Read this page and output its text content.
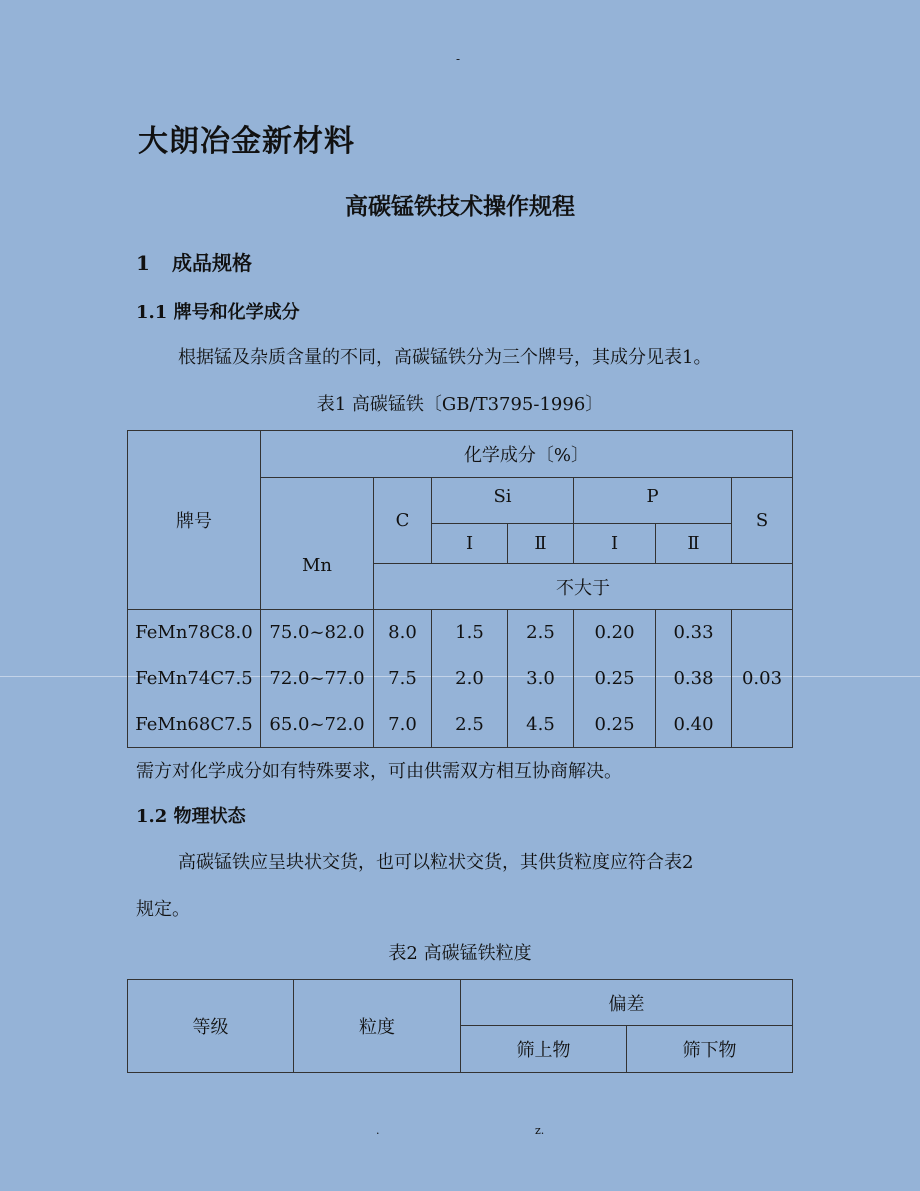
-
大朗冶金新材料
高碳锰铁技术操作规程
1 成品规格
1.1 牌号和化学成分
根据锰及杂质含量的不同，高碳锰铁分为三个牌号，其成分见表1。
表1 高碳锰铁〔GB/T3795-1996〕
牌号	化学成分〔%〕						
	Mn	C	Si		P		S
			Ⅰ	Ⅱ	Ⅰ	Ⅱ	
		不大于					
FeMn78C8.0	75.0~82.0	8.0	1.5	2.5	0.20	0.33	0.03
FeMn74C7.5	72.0~77.0	7.5	2.0	3.0	0.25	0.38	
FeMn68C7.5	65.0~72.0	7.0	2.5	4.5	0.25	0.40	
需方对化学成分如有特殊要求，可由供需双方相互协商解决。
1.2 物理状态
高碳锰铁应呈块状交货，也可以粒状交货，其供货粒度应符合表2
规定。
表2 高碳锰铁粒度
等级	粒度	偏差	
		筛上物	筛下物
.	z.
